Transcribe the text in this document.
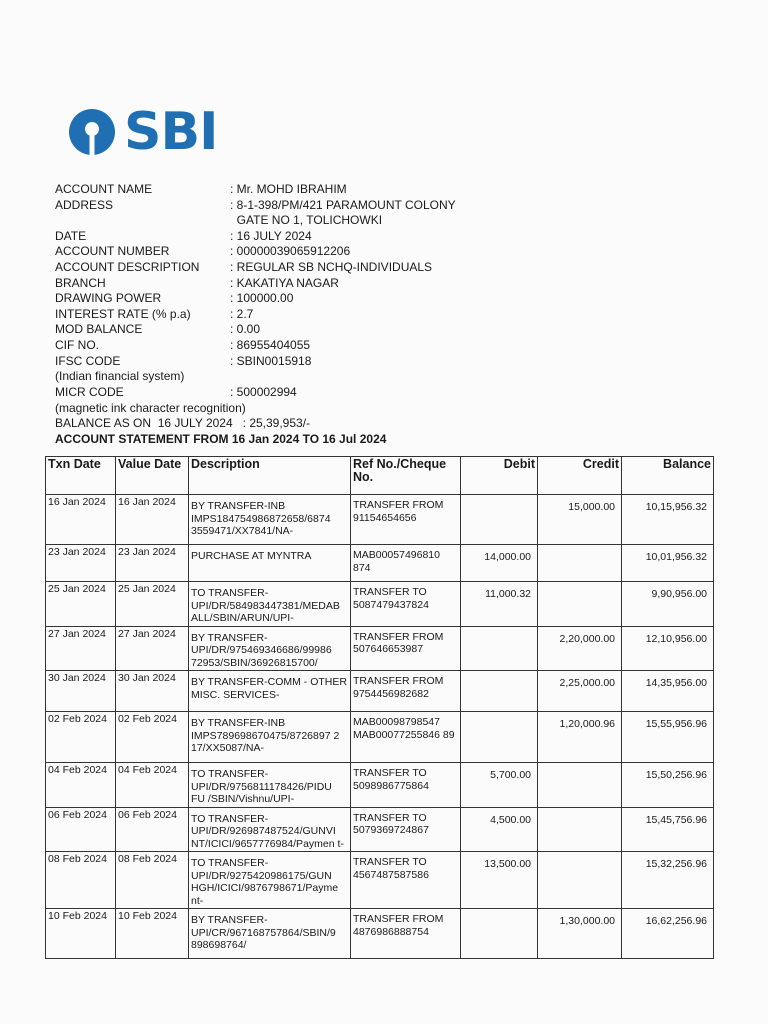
SBI
ACCOUNT NAME	: Mr. MOHD IBRAHIM
ADDRESS	: 8-1-398/PM/421 PARAMOUNT COLONY
GATE NO 1, TOLICHOWKI
DATE	: 16 JULY 2024
ACCOUNT NUMBER	: 00000039065912206
ACCOUNT DESCRIPTION	: REGULAR SB NCHQ-INDIVIDUALS
BRANCH	: KAKATIYA NAGAR
DRAWING POWER	: 100000.00
INTEREST RATE (% p.a)	: 2.7
MOD BALANCE	: 0.00
CIF NO.	: 86955404055
IFSC CODE	: SBIN0015918
(Indian financial system)
MICR CODE	: 500002994
(magnetic ink character recognition)
BALANCE AS ON  16 JULY 2024   : 25,39,953/-
ACCOUNT STATEMENT FROM 16 Jan 2024 TO 16 Jul 2024
Txn Date	Value Date	Description	Ref No./Cheque No.	Debit	Credit	Balance
16 Jan 2024	16 Jan 2024	BY TRANSFER-INB IMPS184754986872658/6874 3559471/XX7841/NA-	TRANSFER FROM 91154654656		15,000.00	10,15,956.32
23 Jan 2024	23 Jan 2024	PURCHASE AT MYNTRA	MAB00057496810 874	14,000.00		10,01,956.32
25 Jan 2024	25 Jan 2024	TO TRANSFER-UPI/DR/584983447381/MEDAB ALL/SBIN/ARUN/UPI-	TRANSFER TO 5087479437824	11,000.32		9,90,956.00
27 Jan 2024	27 Jan 2024	BY TRANSFER-UPI/DR/975469346686/99986 72953/SBIN/36926815700/	TRANSFER FROM 507646653987		2,20,000.00	12,10,956.00
30 Jan 2024	30 Jan 2024	BY TRANSFER-COMM - OTHER MISC. SERVICES-	TRANSFER FROM 9754456982682		2,25,000.00	14,35,956.00
02 Feb 2024	02 Feb 2024	BY TRANSFER-INB IMPS789698670475/8726897 2 17/XX5087/NA-	MAB00098798547 MAB00077255846 89		1,20,000.96	15,55,956.96
04 Feb 2024	04 Feb 2024	TO TRANSFER-UPI/DR/9756811178426/PIDU FU /SBIN/Vishnu/UPI-	TRANSFER TO 5098986775864	5,700.00		15,50,256.96
06 Feb 2024	06 Feb 2024	TO TRANSFER-UPI/DR/926987487524/GUNVI NT/ICICI/9657776984/Paymen t-	TRANSFER TO 5079369724867	4,500.00		15,45,756.96
08 Feb 2024	08 Feb 2024	TO TRANSFER-UPI/DR/9275420986175/GUN HGH/ICICI/9876798671/Payme nt-	TRANSFER TO 4567487587586	13,500.00		15,32,256.96
10 Feb 2024	10 Feb 2024	BY TRANSFER-UPI/CR/967168757864/SBIN/9 898698764/	TRANSFER FROM 4876986888754		1,30,000.00	16,62,256.96
